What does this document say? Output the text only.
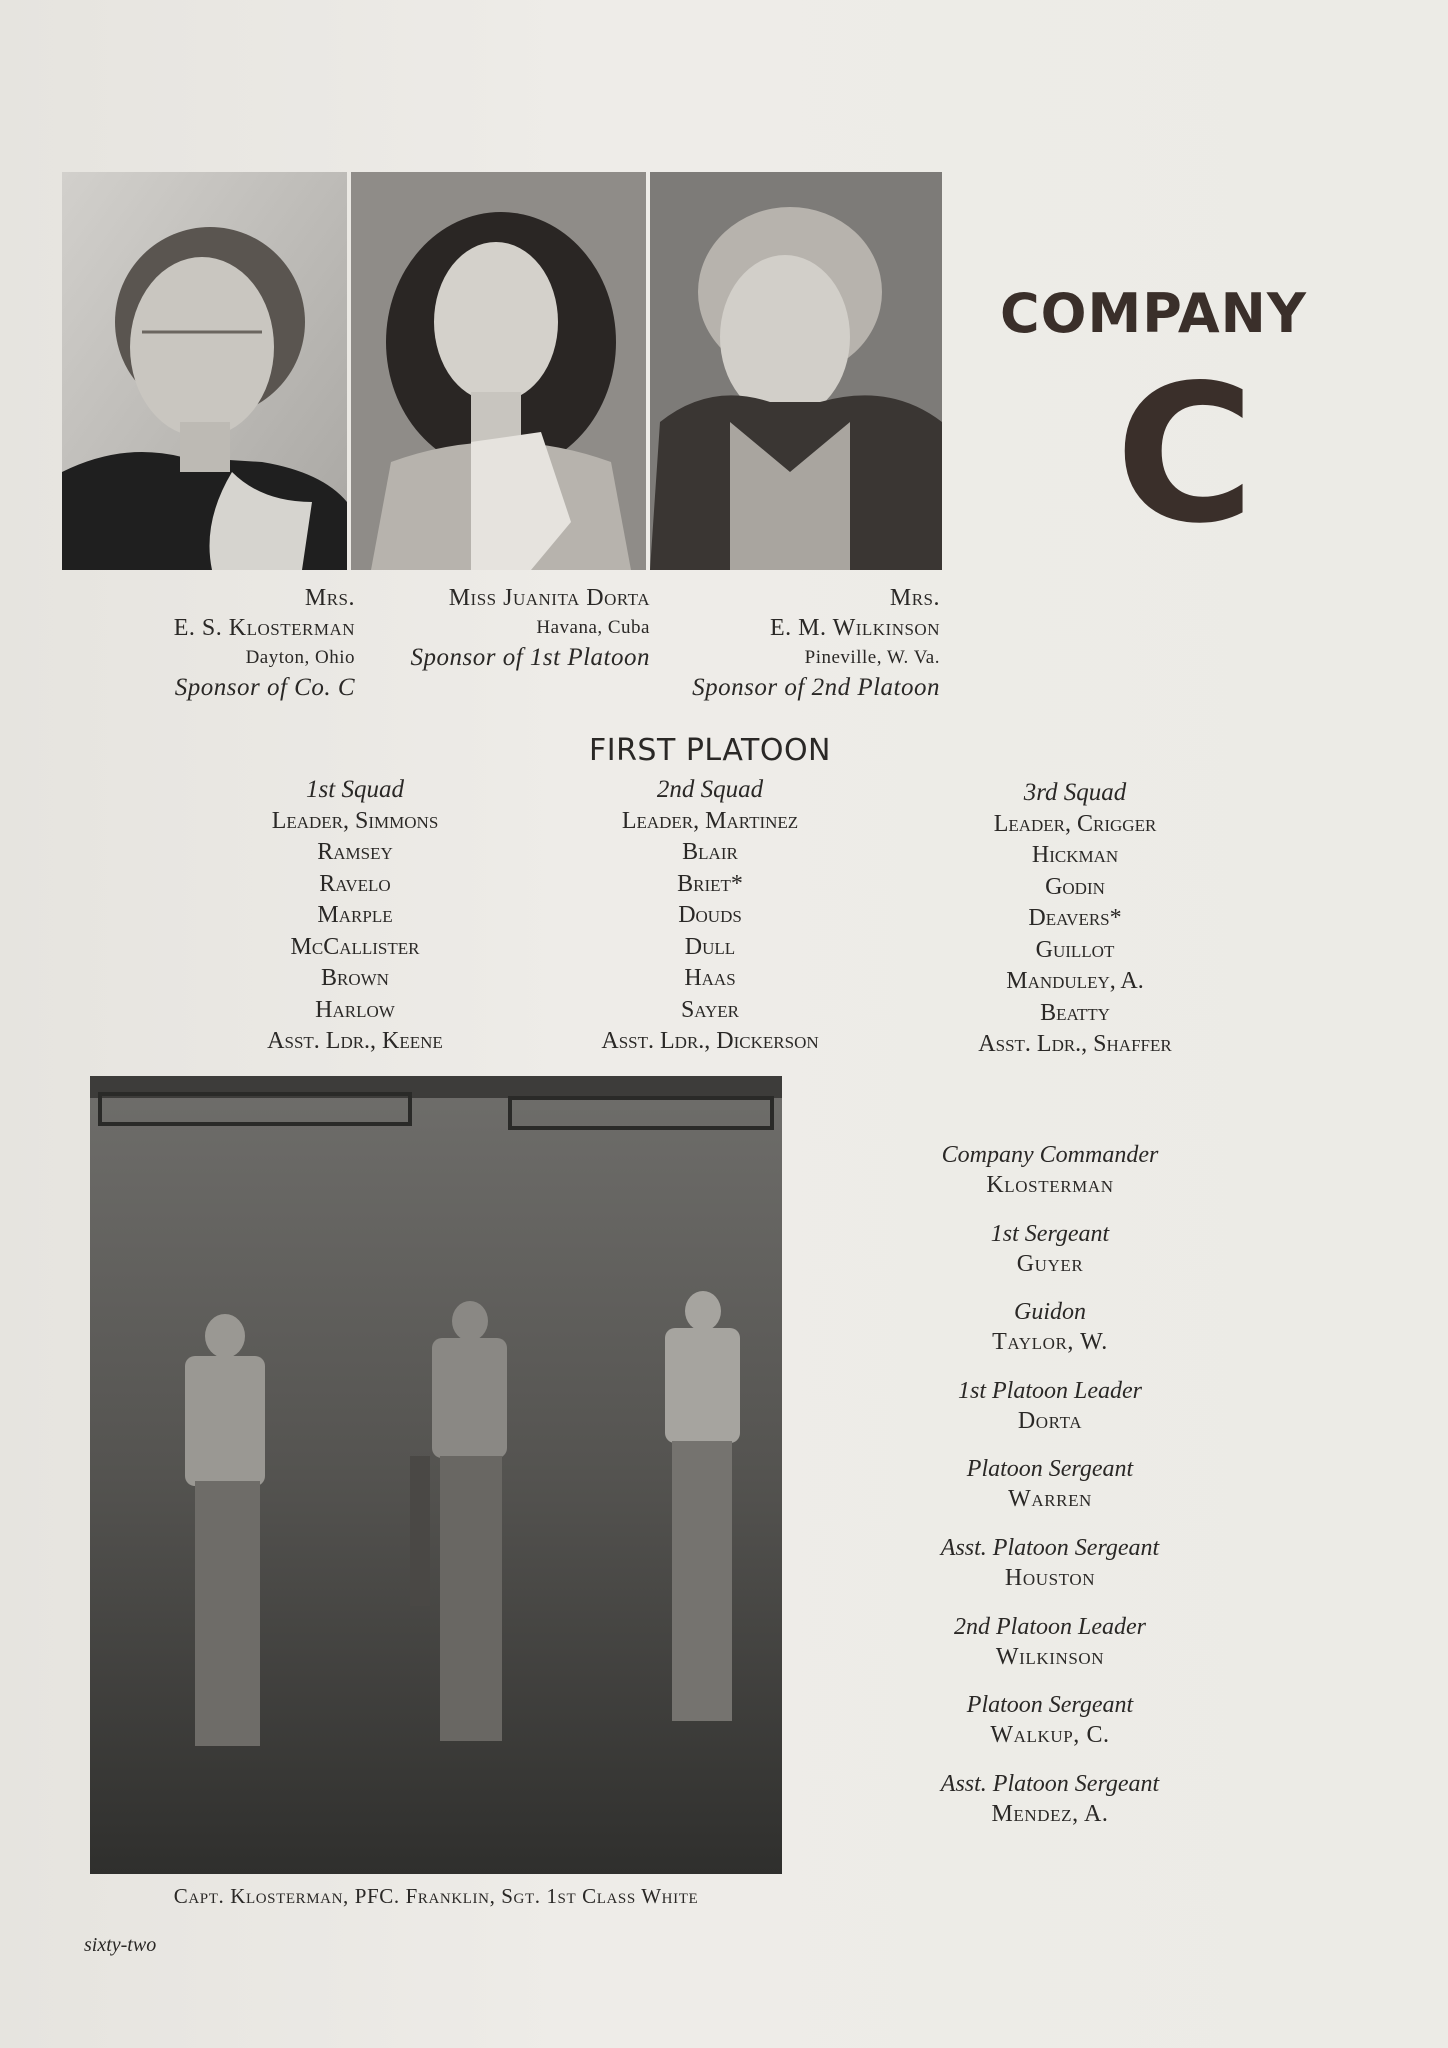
Mrs.
E. S. Klosterman
Dayton, Ohio
Sponsor of Co. C
Miss Juanita Dorta
Havana, Cuba
Sponsor of 1st Platoon
Mrs.
E. M. Wilkinson
Pineville, W. Va.
Sponsor of 2nd Platoon
COMPANY
C
FIRST PLATOON
1st Squad
Leader, Simmons
Ramsey
Ravelo
Marple
McCallister
Brown
Harlow
Asst. Ldr., Keene
2nd Squad
Leader, Martinez
Blair
Briet*
Douds
Dull
Haas
Sayer
Asst. Ldr., Dickerson
3rd Squad
Leader, Crigger
Hickman
Godin
Deavers*
Guillot
Manduley, A.
Beatty
Asst. Ldr., Shaffer
Capt. Klosterman, PFC. Franklin, Sgt. 1st Class White
Company Commander
Klosterman
1st Sergeant
Guyer
Guidon
Taylor, W.
1st Platoon Leader
Dorta
Platoon Sergeant
Warren
Asst. Platoon Sergeant
Houston
2nd Platoon Leader
Wilkinson
Platoon Sergeant
Walkup, C.
Asst. Platoon Sergeant
Mendez, A.
sixty-two
